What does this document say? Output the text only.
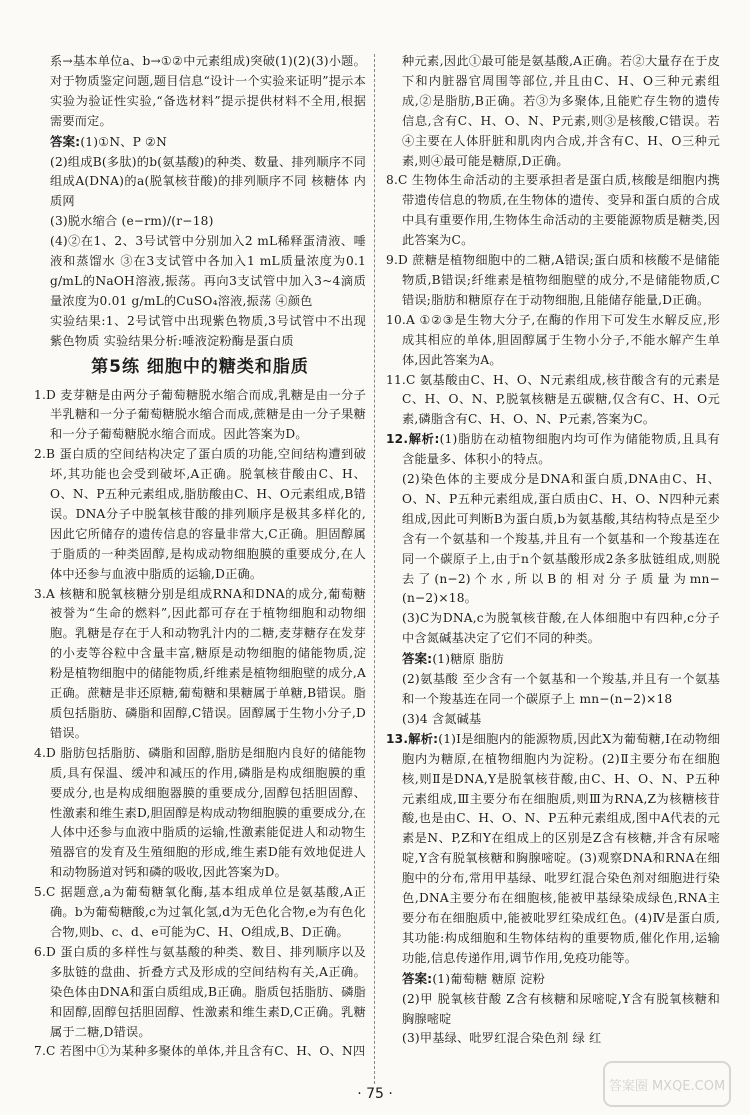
系→基本单位a、b→①②中元素组成)突破(1)(2)(3)小题。对于物质鉴定问题,题目信息“设计一个实验来证明”提示本实验为验证性实验,“备选材料”提示提供材料不全用,根据需要而定。

答案:(1)①N、P ②N

(2)组成B(多肽)的b(氨基酸)的种类、数量、排列顺序不同 组成A(DNA)的a(脱氧核苷酸)的排列顺序不同 核糖体 内质网

(3)脱水缩合 (e−rm)/(r−18)

(4)②在1、2、3号试管中分别加入2 mL稀释蛋清液、唾液和蒸馏水 ③在3支试管中各加入1 mL质量浓度为0.1 g/mL的NaOH溶液,振荡。再向3支试管中加入3~4滴质量浓度为0.01 g/mL的CuSO₄溶液,振荡 ④颜色

实验结果:1、2号试管中出现紫色物质,3号试管中不出现紫色物质 实验结果分析:唾液淀粉酶是蛋白质

第5练 细胞中的糖类和脂质

1.D 麦芽糖是由两分子葡萄糖脱水缩合而成,乳糖是由一分子半乳糖和一分子葡萄糖脱水缩合而成,蔗糖是由一分子果糖和一分子葡萄糖脱水缩合而成。因此答案为D。

2.B 蛋白质的空间结构决定了蛋白质的功能,空间结构遭到破坏,其功能也会受到破坏,A正确。脱氧核苷酸由C、H、O、N、P五种元素组成,脂肪酸由C、H、O元素组成,B错误。DNA分子中脱氧核苷酸的排列顺序是极其多样化的,因此它所储存的遗传信息的容量非常大,C正确。胆固醇属于脂质的一种类固醇,是构成动物细胞膜的重要成分,在人体中还参与血液中脂质的运输,D正确。

3.A 核糖和脱氧核糖分别是组成RNA和DNA的成分,葡萄糖被誉为“生命的燃料”,因此都可存在于植物细胞和动物细胞。乳糖是存在于人和动物乳汁内的二糖,麦芽糖存在发芽的小麦等谷粒中含量丰富,糖原是动物细胞的储能物质,淀粉是植物细胞中的储能物质,纤维素是植物细胞壁的成分,A正确。蔗糖是非还原糖,葡萄糖和果糖属于单糖,B错误。脂质包括脂肪、磷脂和固醇,C错误。固醇属于生物小分子,D错误。

4.D 脂肪包括脂肪、磷脂和固醇,脂肪是细胞内良好的储能物质,具有保温、缓冲和减压的作用,磷脂是构成细胞膜的重要成分,也是构成细胞器膜的重要成分,固醇包括胆固醇、性激素和维生素D,胆固醇是构成动物细胞膜的重要成分,在人体中还参与血液中脂质的运输,性激素能促进人和动物生殖器官的发育及生殖细胞的形成,维生素D能有效地促进人和动物肠道对钙和磷的吸收,因此答案为D。

5.C 据题意,a为葡萄糖氧化酶,基本组成单位是氨基酸,A正确。b为葡萄糖酸,c为过氧化氢,d为无色化合物,e为有色化合物,则b、c、d、e可能为C、H、O组成,B、D正确。

6.D 蛋白质的多样性与氨基酸的种类、数目、排列顺序以及多肽链的盘曲、折叠方式及形成的空间结构有关,A正确。染色体由DNA和蛋白质组成,B正确。脂质包括脂肪、磷脂和固醇,固醇包括胆固醇、性激素和维生素D,C正确。乳糖属于二糖,D错误。

7.C 若图中①为某种多聚体的单体,并且含有C、H、O、N四

种元素,因此①最可能是氨基酸,A正确。若②大量存在于皮下和内脏器官周围等部位,并且由C、H、O三种元素组成,②是脂肪,B正确。若③为多聚体,且能贮存生物的遗传信息,含有C、H、O、N、P元素,则③是核酸,C错误。若④主要在人体肝脏和肌肉内合成,并含有C、H、O三种元素,则④最可能是糖原,D正确。

8.C 生物体生命活动的主要承担者是蛋白质,核酸是细胞内携带遗传信息的物质,在生物体的遗传、变异和蛋白质的合成中具有重要作用,生物体生命活动的主要能源物质是糖类,因此答案为C。

9.D 蔗糖是植物细胞中的二糖,A错误;蛋白质和核酸不是储能物质,B错误;纤维素是植物细胞壁的成分,不是储能物质,C错误;脂肪和糖原存在于动物细胞,且能储存能量,D正确。

10.A ①②③是生物大分子,在酶的作用下可发生水解反应,形成其相应的单体,胆固醇属于生物小分子,不能水解产生单体,因此答案为A。

11.C 氨基酸由C、H、O、N元素组成,核苷酸含有的元素是C、H、O、N、P,脱氧核糖是五碳糖,仅含有C、H、O元素,磷脂含有C、H、O、N、P元素,答案为C。

12.解析:(1)脂肪在动植物细胞内均可作为储能物质,且具有含能量多、体积小的特点。

(2)染色体的主要成分是DNA和蛋白质,DNA由C、H、O、N、P五种元素组成,蛋白质由C、H、O、N四种元素组成,因此可判断B为蛋白质,b为氨基酸,其结构特点是至少含有一个氨基和一个羧基,并且有一个氨基和一个羧基连在同一个碳原子上,由于n个氨基酸形成2条多肽链组成,则脱去了(n−2)个水,所以B的相对分子质量为mn−(n−2)×18。

(3)C为DNA,c为脱氧核苷酸,在人体细胞中有四种,c分子中含氮碱基决定了它们不同的种类。

答案:(1)糖原 脂肪

(2)氨基酸 至少含有一个氨基和一个羧基,并且有一个氨基和一个羧基连在同一个碳原子上 mn−(n−2)×18

(3)4 含氮碱基

13.解析:(1)Ⅰ是细胞内的能源物质,因此X为葡萄糖,Ⅰ在动物细胞内为糖原,在植物细胞内为淀粉。(2)Ⅱ主要分布在细胞核,则Ⅱ是DNA,Y是脱氧核苷酸,由C、H、O、N、P五种元素组成,Ⅲ主要分布在细胞质,则Ⅲ为RNA,Z为核糖核苷酸,也是由C、H、O、N、P五种元素组成,图中A代表的元素是N、P,Z和Y在组成上的区别是Z含有核糖,并含有尿嘧啶,Y含有脱氧核糖和胸腺嘧啶。(3)观察DNA和RNA在细胞中的分布,常用甲基绿、吡罗红混合染色剂对细胞进行染色,DNA主要分布在细胞核,能被甲基绿染成绿色,RNA主要分布在细胞质中,能被吡罗红染成红色。(4)Ⅳ是蛋白质,其功能:构成细胞和生物体结构的重要物质,催化作用,运输功能,信息传递作用,调节作用,免疫功能等。

答案:(1)葡萄糖 糖原 淀粉

(2)甲 脱氧核苷酸 Z含有核糖和尿嘧啶,Y含有脱氧核糖和胸腺嘧啶

(3)甲基绿、吡罗红混合染色剂 绿 红

· 75 ·	答案圈 MXQE.COM
